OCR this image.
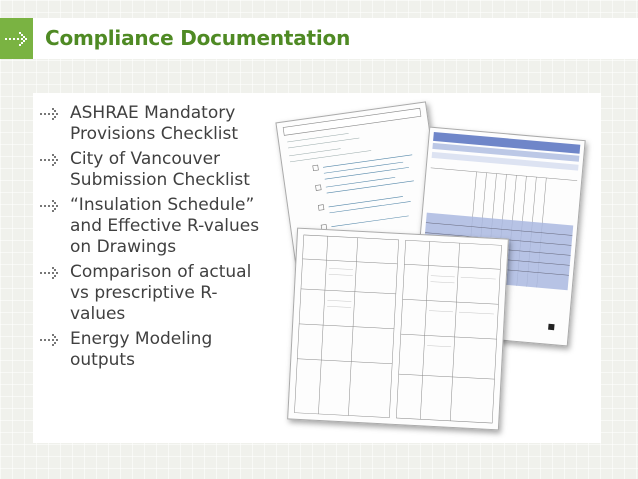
Compliance Documentation
ASHRAE Mandatory Provisions Checklist
City of Vancouver Submission Checklist
“Insulation Schedule” and Effective R-values on Drawings
Comparison of actual vs prescriptive R-values
Energy Modeling outputs
